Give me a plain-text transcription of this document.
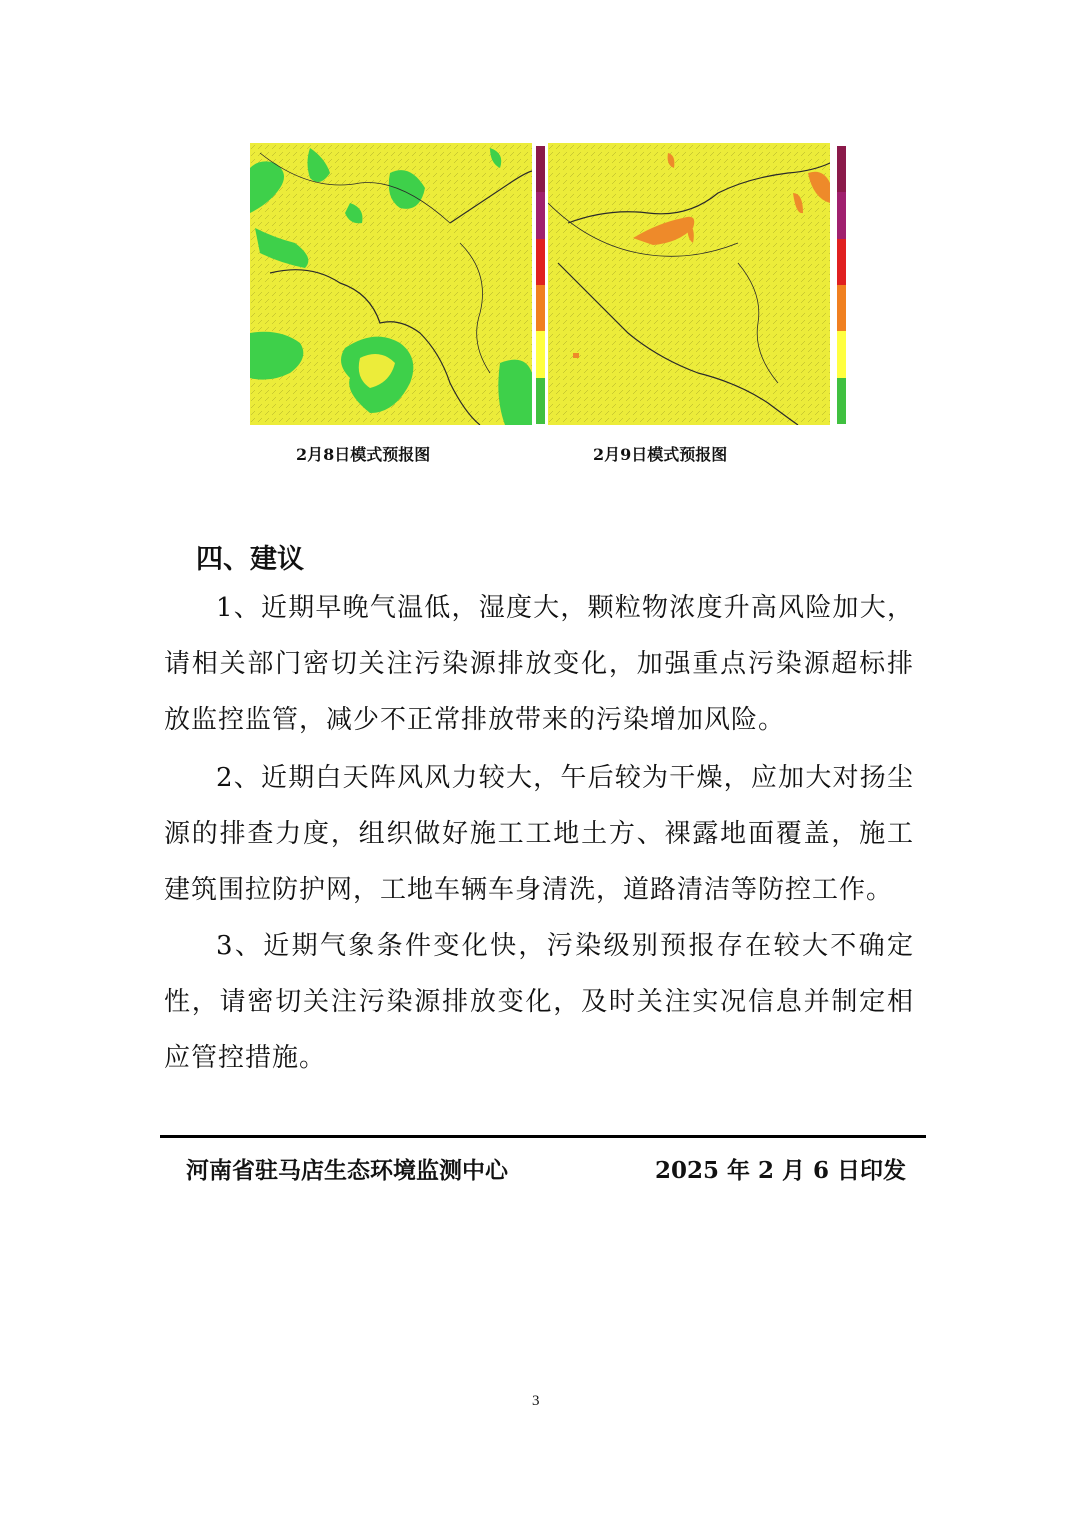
2月8日模式预报图	2月9日模式预报图
四、建议
1、近期早晚气温低，湿度大，颗粒物浓度升高风险加大，请相关部门密切关注污染源排放变化，加强重点污染源超标排放监控监管，减少不正常排放带来的污染增加风险。
2、近期白天阵风风力较大，午后较为干燥，应加大对扬尘源的排查力度，组织做好施工工地土方、裸露地面覆盖，施工建筑围拉防护网，工地车辆车身清洗，道路清洁等防控工作。
3、近期气象条件变化快，污染级别预报存在较大不确定性，请密切关注污染源排放变化，及时关注实况信息并制定相应管控措施。
河南省驻马店生态环境监测中心	2025 年 2 月 6 日印发
3
